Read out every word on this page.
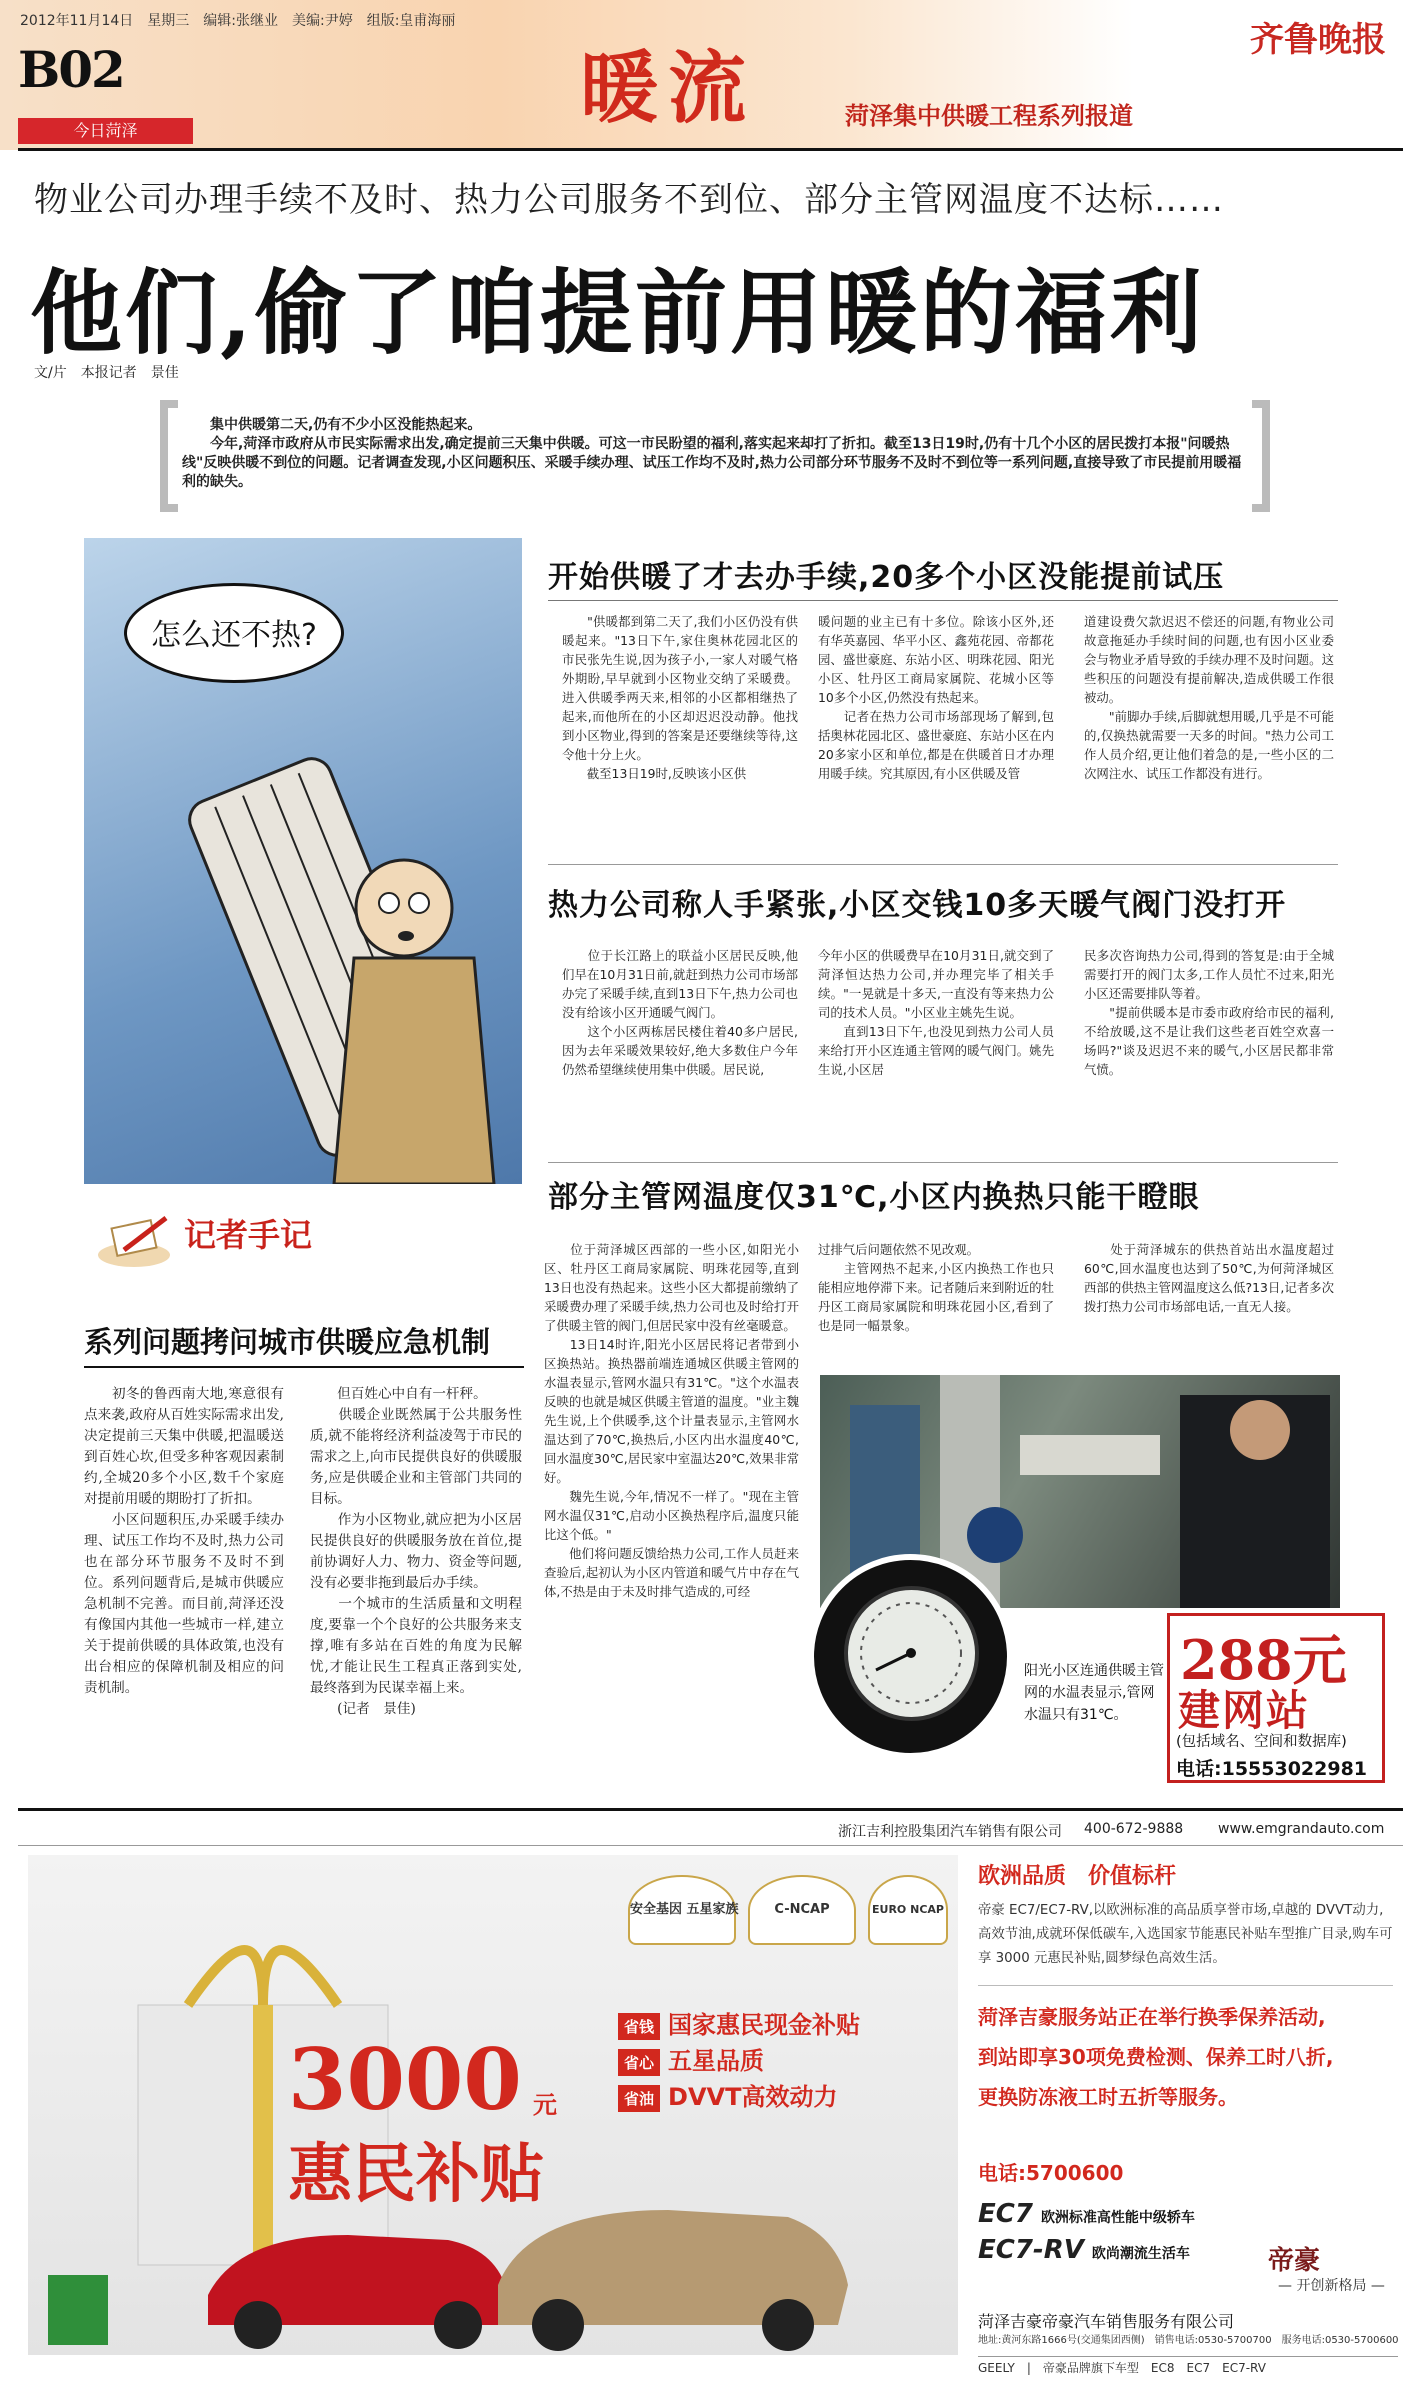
2012年11月14日　星期三　编辑:张继业　美编:尹婷　组版:皇甫海丽
B02
今日菏泽	暖流	菏泽集中供暖工程系列报道
齐鲁晚报
物业公司办理手续不及时、热力公司服务不到位、部分主管网温度不达标……
他们,偷了咱提前用暖的福利
文/片　本报记者　景佳
　　集中供暖第二天,仍有不少小区没能热起来。
　　今年,菏泽市政府从市民实际需求出发,确定提前三天集中供暖。可这一市民盼望的福利,落实起来却打了折扣。截至13日19时,仍有十几个小区的居民拨打本报"问暖热线"反映供暖不到位的问题。记者调查发现,小区问题积压、采暖手续办理、试压工作均不及时,热力公司部分环节服务不及时不到位等一系列问题,直接导致了市民提前用暖福利的缺失。
怎么还不热?
开始供暖了才去办手续,20多个小区没能提前试压
　　"供暖都到第二天了,我们小区仍没有供暖起来。"13日下午,家住奥林花园北区的市民张先生说,因为孩子小,一家人对暖气格外期盼,早早就到小区物业交纳了采暖费。进入供暖季两天来,相邻的小区都相继热了起来,而他所在的小区却迟迟没动静。他找到小区物业,得到的答案是还要继续等待,这令他十分上火。
　　截至13日19时,反映该小区供
暖问题的业主已有十多位。除该小区外,还有华英嘉园、华平小区、鑫苑花园、帝都花园、盛世豪庭、东站小区、明珠花园、阳光小区、牡丹区工商局家属院、花城小区等10多个小区,仍然没有热起来。
　　记者在热力公司市场部现场了解到,包括奥林花园北区、盛世豪庭、东站小区在内20多家小区和单位,都是在供暖首日才办理用暖手续。究其原因,有小区供暖及管
道建设费欠款迟迟不偿还的问题,有物业公司故意拖延办手续时间的问题,也有因小区业委会与物业矛盾导致的手续办理不及时问题。这些积压的问题没有提前解决,造成供暖工作很被动。
　　"前脚办手续,后脚就想用暖,几乎是不可能的,仅换热就需要一天多的时间。"热力公司工作人员介绍,更让他们着急的是,一些小区的二次网注水、试压工作都没有进行。
热力公司称人手紧张,小区交钱10多天暖气阀门没打开
　　位于长江路上的联益小区居民反映,他们早在10月31日前,就赶到热力公司市场部办完了采暖手续,直到13日下午,热力公司也没有给该小区开通暖气阀门。
　　这个小区两栋居民楼住着40多户居民,因为去年采暖效果较好,绝大多数住户今年仍然希望继续使用集中供暖。居民说,
今年小区的供暖费早在10月31日,就交到了菏泽恒达热力公司,并办理完毕了相关手续。"一晃就是十多天,一直没有等来热力公司的技术人员。"小区业主姚先生说。
　　直到13日下午,也没见到热力公司人员来给打开小区连通主管网的暖气阀门。姚先生说,小区居
民多次咨询热力公司,得到的答复是:由于全城需要打开的阀门太多,工作人员忙不过来,阳光小区还需要排队等着。
　　"提前供暖本是市委市政府给市民的福利,不给放暖,这不是让我们这些老百姓空欢喜一场吗?"谈及迟迟不来的暖气,小区居民都非常气愤。
部分主管网温度仅31℃,小区内换热只能干瞪眼
　　位于菏泽城区西部的一些小区,如阳光小区、牡丹区工商局家属院、明珠花园等,直到13日也没有热起来。这些小区大都提前缴纳了采暖费办理了采暖手续,热力公司也及时给打开了供暖主管的阀门,但居民家中没有丝毫暖意。
　　13日14时许,阳光小区居民将记者带到小区换热站。换热器前端连通城区供暖主管网的水温表显示,管网水温只有31℃。"这个水温表反映的也就是城区供暖主管道的温度。"业主魏先生说,上个供暖季,这个计量表显示,主管网水温达到了70℃,换热后,小区内出水温度40℃,回水温度30℃,居民家中室温达20℃,效果非常好。
　　魏先生说,今年,情况不一样了。"现在主管网水温仅31℃,启动小区换热程序后,温度只能比这个低。"
　　他们将问题反馈给热力公司,工作人员赶来查验后,起初认为小区内管道和暖气片中存在气体,不热是由于未及时排气造成的,可经
过排气后问题依然不见改观。
　　主管网热不起来,小区内换热工作也只能相应地停滞下来。记者随后来到附近的牡丹区工商局家属院和明珠花园小区,看到了也是同一幅景象。
　　处于菏泽城东的供热首站出水温度超过60℃,回水温度也达到了50℃,为何菏泽城区西部的供热主管网温度这么低?13日,记者多次拨打热力公司市场部电话,一直无人接。
阳光小区连通供暖主管网的水温表显示,管网水温只有31℃。
288元
建网站
(包括域名、空间和数据库)
电话:15553022981
记者手记
系列问题拷问城市供暖应急机制
　　初冬的鲁西南大地,寒意很有点来袭,政府从百姓实际需求出发,决定提前三天集中供暖,把温暖送到百姓心坎,但受多种客观因素制约,全城20多个小区,数千个家庭对提前用暖的期盼打了折扣。
　　小区问题积压,办采暖手续办理、试压工作均不及时,热力公司也在部分环节服务不及时不到位。系列问题背后,是城市供暖应急机制不完善。而目前,菏泽还没有像国内其他一些城市一样,建立关于提前供暖的具体政策,也没有出台相应的保障机制及相应的问责机制。
　　但百姓心中自有一杆秤。
　　供暖企业既然属于公共服务性质,就不能将经济利益凌驾于市民的需求之上,向市民提供良好的供暖服务,应是供暖企业和主管部门共同的目标。
　　作为小区物业,就应把为小区居民提供良好的供暖服务放在首位,提前协调好人力、物力、资金等问题,没有必要非拖到最后办手续。
　　一个城市的生活质量和文明程度,要靠一个个良好的公共服务来支撑,唯有多站在百姓的角度为民解忧,才能让民生工程真正落到实处,最终落到为民谋幸福上来。
　　(记者　景佳)
浙江吉利控股集团汽车销售有限公司 400-672-9888 www.emgrandauto.com
安全基因 五星家族	C-NCAP	EURO NCAP
3000 元
惠民补贴
省钱 国家惠民现金补贴
省心 五星品质
省油 DVVT高效动力
欧洲品质　价值标杆
帝豪 EC7/EC7-RV,以欧洲标准的高品质享誉市场,卓越的 DVVT动力,高效节油,成就环保低碳车,入选国家节能惠民补贴车型推广目录,购车可享 3000 元惠民补贴,圆梦绿色高效生活。
菏泽吉豪服务站正在举行换季保养活动,
到站即享30项免费检测、保养工时八折,
更换防冻液工时五折等服务。
电话:5700600
EC7 欧洲标准高性能中级轿车
EC7-RV 欧尚潮流生活车	帝豪
— 开创新格局 —
菏泽吉豪帝豪汽车销售服务有限公司
地址:黄河东路1666号(交通集团西侧)　销售电话:0530-5700700　服务电话:0530-5700600
GEELY　|　帝豪品牌旗下车型　EC8　EC7　EC7-RV
